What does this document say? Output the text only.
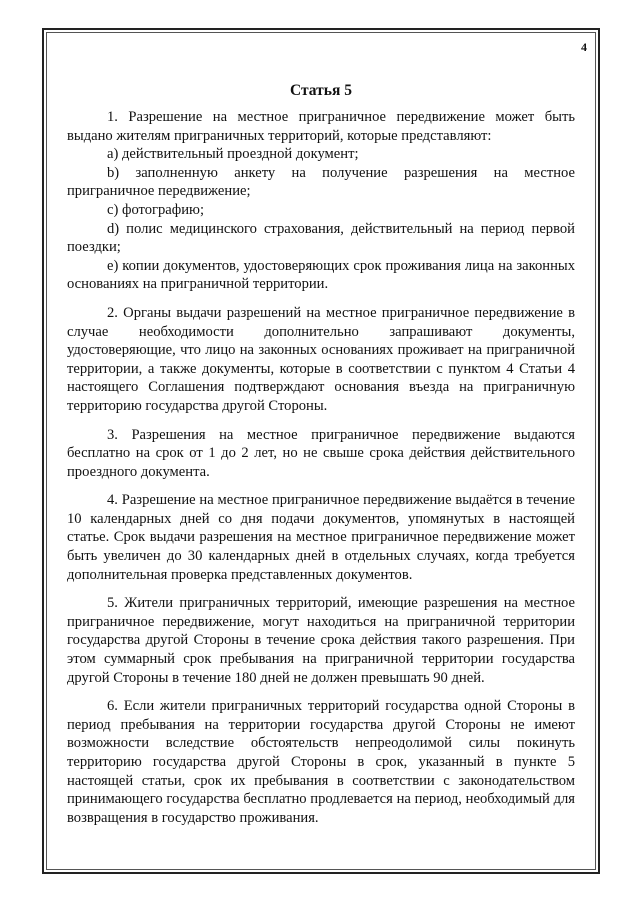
4
Статья 5

1. Разрешение на местное приграничное передвижение может быть выдано жителям приграничных территорий, которые представляют:

a) действительный проездной документ;

b) заполненную анкету на получение разрешения на местное приграничное передвижение;

c) фотографию;

d) полис медицинского страхования, действительный на период первой поездки;

e) копии документов, удостоверяющих срок проживания лица на законных основаниях на приграничной территории.

2. Органы выдачи разрешений на местное приграничное передвижение в случае необходимости дополнительно запрашивают документы, удостоверяющие, что лицо на законных основаниях проживает на приграничной территории, а также документы, которые в соответствии с пунктом 4 Статьи 4 настоящего Соглашения подтверждают основания въезда на приграничную территорию государства другой Стороны.

3. Разрешения на местное приграничное передвижение выдаются бесплатно на срок от 1 до 2 лет, но не свыше срока действия действительного проездного документа.

4. Разрешение на местное приграничное передвижение выдаётся в течение 10 календарных дней со дня подачи документов, упомянутых в настоящей статье. Срок выдачи разрешения на местное приграничное передвижение может быть увеличен до 30 календарных дней в отдельных случаях, когда требуется дополнительная проверка представленных документов.

5. Жители приграничных территорий, имеющие разрешения на местное приграничное передвижение, могут находиться на приграничной территории государства другой Стороны в течение срока действия такого разрешения. При этом суммарный срок пребывания на приграничной территории государства другой Стороны в течение 180 дней не должен превышать 90 дней.

6. Если жители приграничных территорий государства одной Стороны в период пребывания на территории государства другой Стороны не имеют возможности вследствие обстоятельств непреодолимой силы покинуть территорию государства другой Стороны в срок, указанный в пункте 5 настоящей статьи, срок их пребывания в соответствии с законодательством принимающего государства бесплатно продлевается на период, необходимый для возвращения в государство проживания.
